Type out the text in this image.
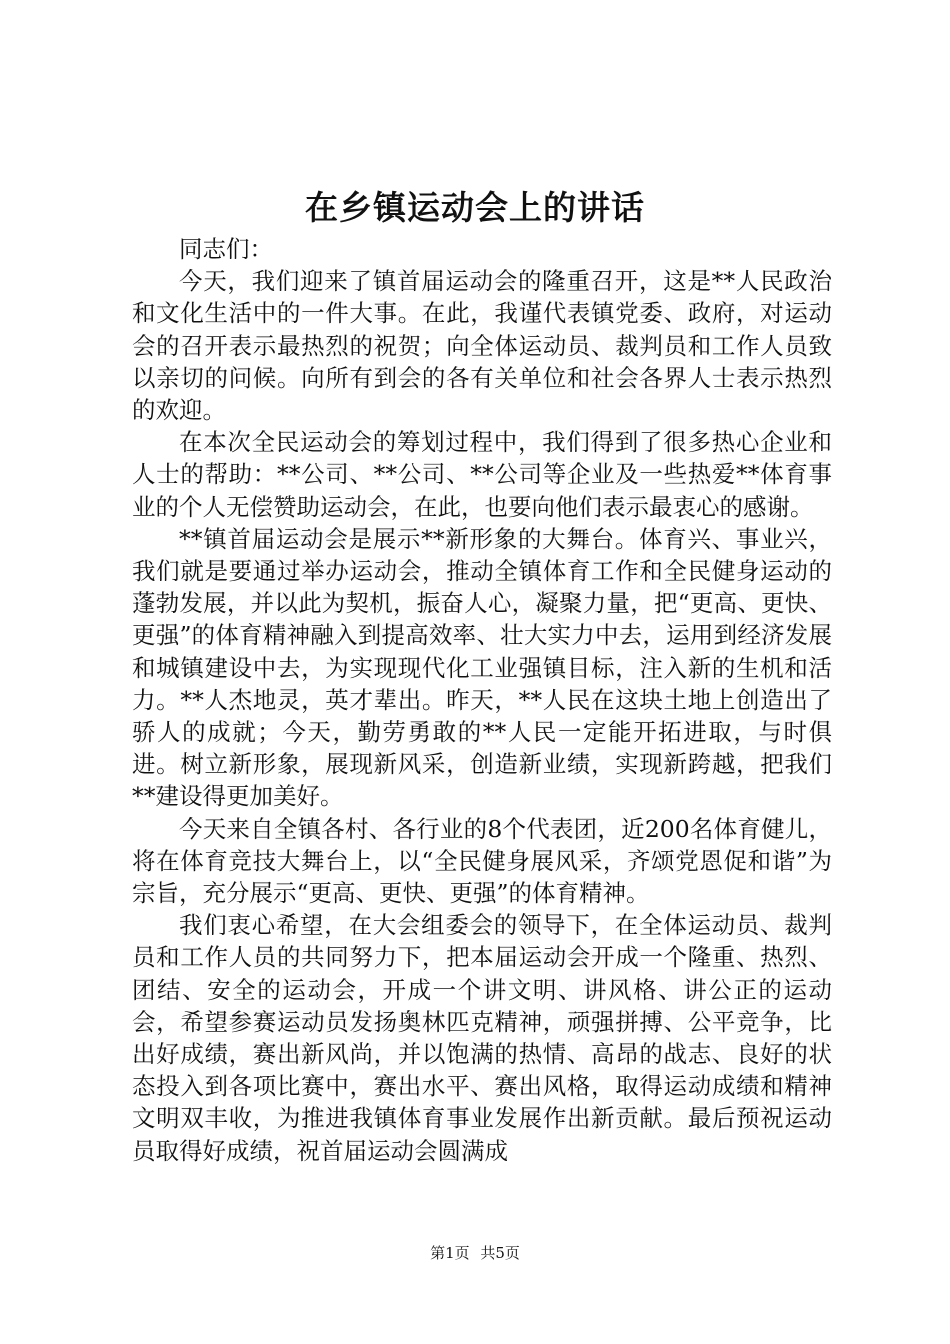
在乡镇运动会上的讲话

同志们：

今天，我们迎来了镇首届运动会的隆重召开，这是**人民政治和文化生活中的一件大事。在此，我谨代表镇党委、政府，对运动会的召开表示最热烈的祝贺；向全体运动员、裁判员和工作人员致以亲切的问候。向所有到会的各有关单位和社会各界人士表示热烈的欢迎。

在本次全民运动会的筹划过程中，我们得到了很多热心企业和人士的帮助：**公司、**公司、**公司等企业及一些热爱**体育事业的个人无偿赞助运动会，在此，也要向他们表示最衷心的感谢。

**镇首届运动会是展示**新形象的大舞台。体育兴、事业兴，我们就是要通过举办运动会，推动全镇体育工作和全民健身运动的蓬勃发展，并以此为契机，振奋人心，凝聚力量，把“更高、更快、更强”的体育精神融入到提高效率、壮大实力中去，运用到经济发展和城镇建设中去，为实现现代化工业强镇目标，注入新的生机和活力。**人杰地灵，英才辈出。昨天，**人民在这块土地上创造出了骄人的成就；今天，勤劳勇敢的**人民一定能开拓进取，与时俱进。树立新形象，展现新风采，创造新业绩，实现新跨越，把我们**建设得更加美好。

今天来自全镇各村、各行业的8个代表团，近200名体育健儿，将在体育竞技大舞台上，以“全民健身展风采，齐颂党恩促和谐”为宗旨，充分展示“更高、更快、更强”的体育精神。

我们衷心希望，在大会组委会的领导下，在全体运动员、裁判员和工作人员的共同努力下，把本届运动会开成一个隆重、热烈、团结、安全的运动会，开成一个讲文明、讲风格、讲公正的运动会，希望参赛运动员发扬奥林匹克精神，顽强拼搏、公平竞争，比出好成绩，赛出新风尚，并以饱满的热情、高昂的战志、良好的状态投入到各项比赛中，赛出水平、赛出风格，取得运动成绩和精神文明双丰收，为推进我镇体育事业发展作出新贡献。最后预祝运动员取得好成绩，祝首届运动会圆满成

第1页 共5页
